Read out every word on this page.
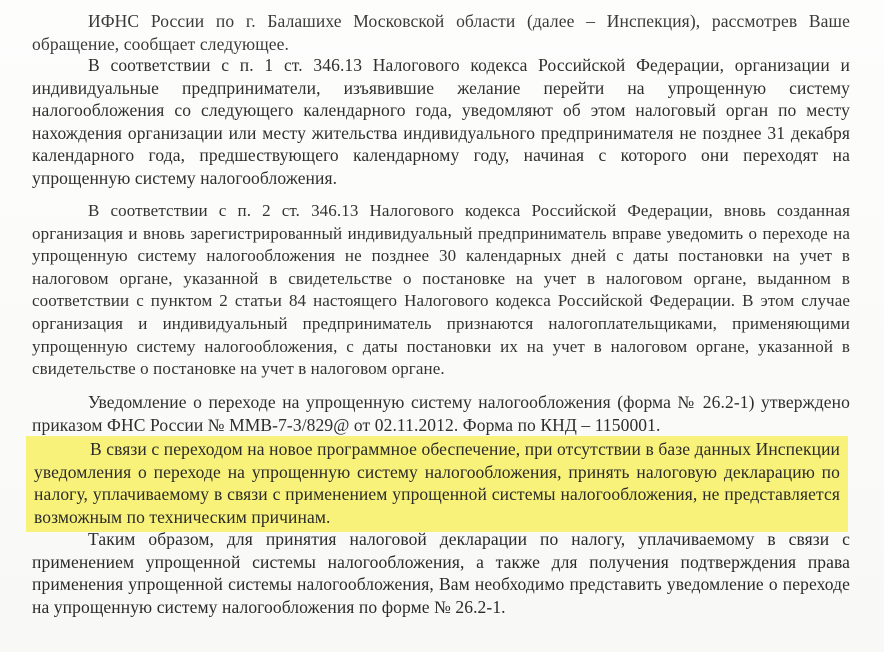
ИФНС России по г. Балашихе Московской области (далее – Инспекция), рассмотрев Ваше обращение, сообщает следующее.

В соответствии с п. 1 ст. 346.13 Налогового кодекса Российской Федерации, организации и индивидуальные предприниматели, изъявившие желание перейти на упрощенную систему налогообложения со следующего календарного года, уведомляют об этом налоговый орган по месту нахождения организации или месту жительства индивидуального предпринимателя не позднее 31 декабря календарного года, предшествующего календарному году, начиная с которого они переходят на упрощенную систему налогообложения.

В соответствии с п. 2 ст. 346.13 Налогового кодекса Российской Федерации, вновь созданная организация и вновь зарегистрированный индивидуальный предприниматель вправе уведомить о переходе на упрощенную систему налогообложения не позднее 30 календарных дней с даты постановки на учет в налоговом органе, указанной в свидетельстве о постановке на учет в налоговом органе, выданном в соответствии с пунктом 2 статьи 84 настоящего Налогового кодекса Российской Федерации. В этом случае организация и индивидуальный предприниматель признаются налогоплательщиками, применяющими упрощенную систему налогообложения, с даты постановки их на учет в налоговом органе, указанной в свидетельстве о постановке на учет в налоговом органе.

Уведомление о переходе на упрощенную систему налогообложения (форма № 26.2-1) утверждено приказом ФНС России № ММВ-7-3/829@ от 02.11.2012. Форма по КНД – 1150001.

В связи с переходом на новое программное обеспечение, при отсутствии в базе данных Инспекции уведомления о переходе на упрощенную систему налогообложения, принять налоговую декларацию по налогу, уплачиваемому в связи с применением упрощенной системы налогообложения, не представляется возможным по техническим причинам.

Таким образом, для принятия налоговой декларации по налогу, уплачиваемому в связи с применением упрощенной системы налогообложения, а также для получения подтверждения права применения упрощенной системы налогообложения, Вам необходимо представить уведомление о переходе на упрощенную систему налогообложения по форме № 26.2-1.
